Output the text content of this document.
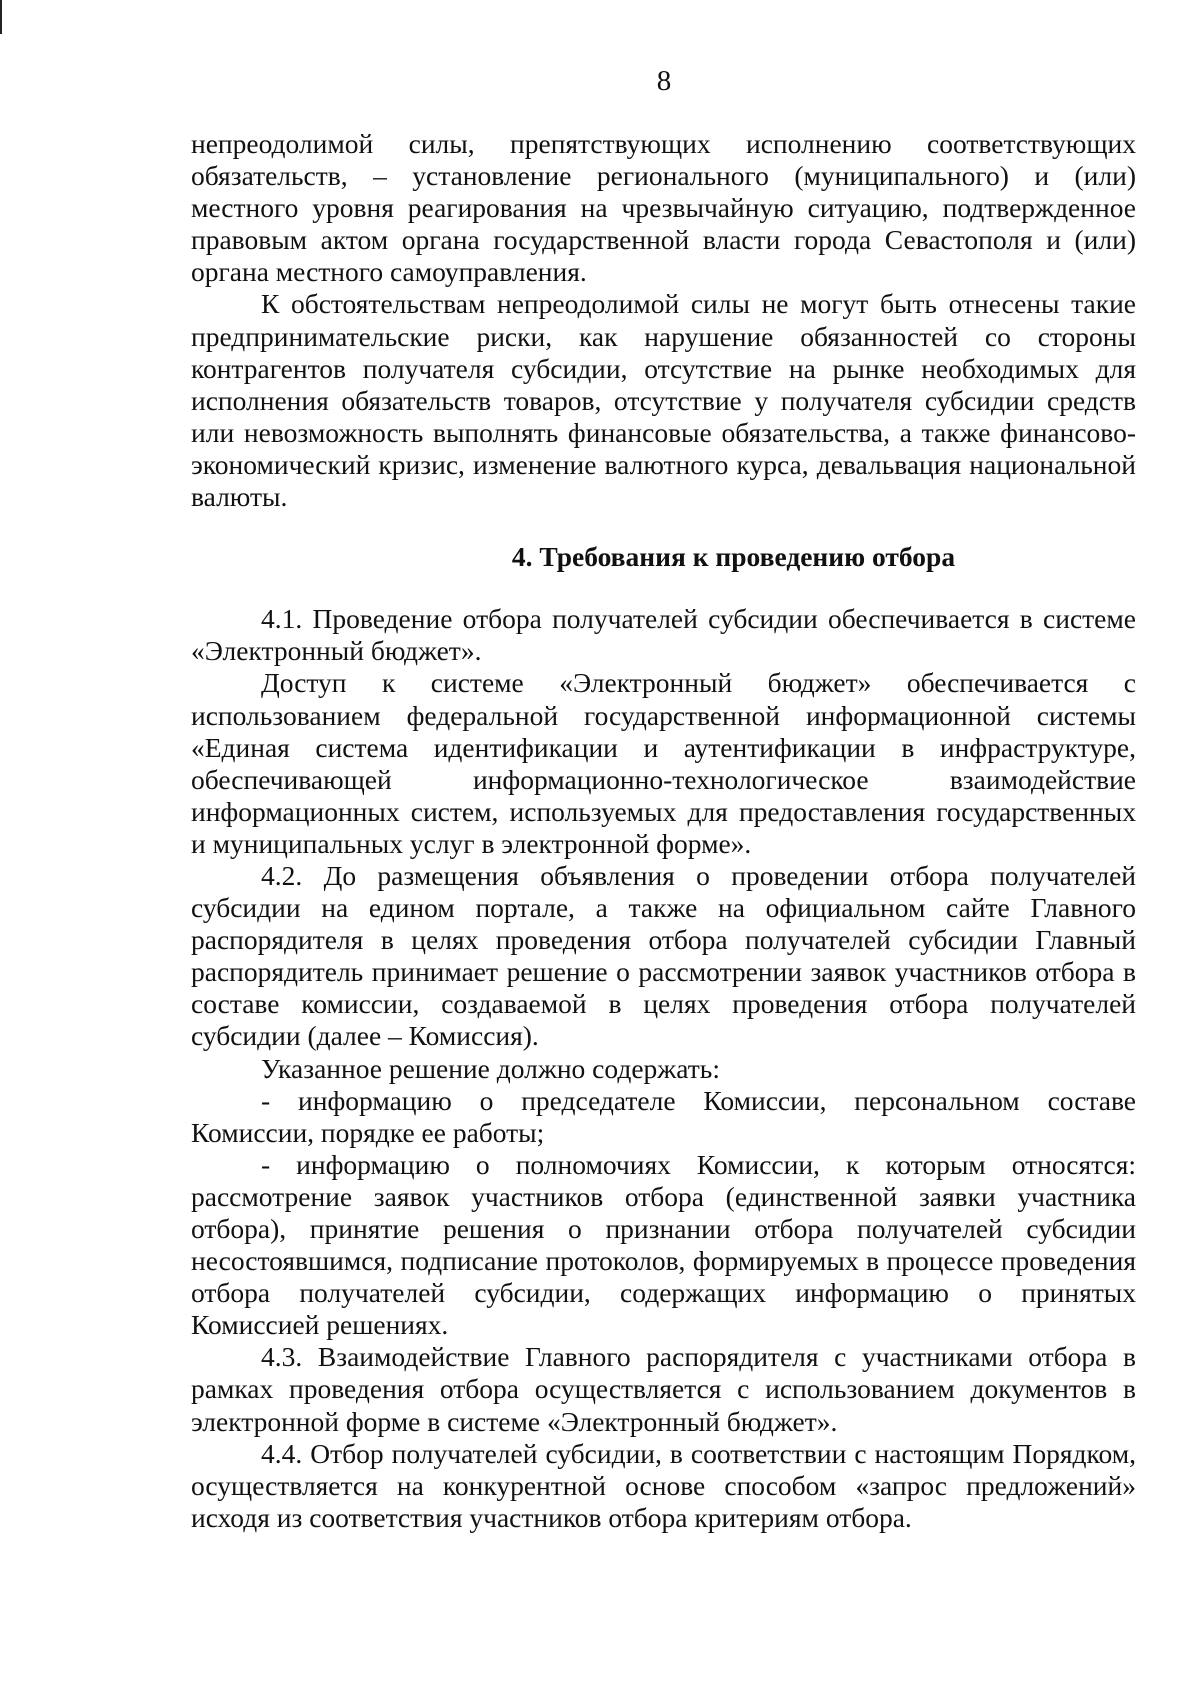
8

непреодолимой силы, препятствующих исполнению соответствующих обязательств, – установление регионального (муниципального) и (или) местного уровня реагирования на чрезвычайную ситуацию, подтвержденное правовым актом органа государственной власти города Севастополя и (или) органа местного самоуправления.

К обстоятельствам непреодолимой силы не могут быть отнесены такие предпринимательские риски, как нарушение обязанностей со стороны контрагентов получателя субсидии, отсутствие на рынке необходимых для исполнения обязательств товаров, отсутствие у получателя субсидии средств или невозможность выполнять финансовые обязательства, а также финансово-экономический кризис, изменение валютного курса, девальвация национальной валюты.

4. Требования к проведению отбора

4.1. Проведение отбора получателей субсидии обеспечивается в системе «Электронный бюджет».

Доступ к системе «Электронный бюджет» обеспечивается с использованием федеральной государственной информационной системы «Единая система идентификации и аутентификации в инфраструктуре, обеспечивающей информационно-технологическое взаимодействие информационных систем, используемых для предоставления государственных и муниципальных услуг в электронной форме».

4.2. До размещения объявления о проведении отбора получателей субсидии на едином портале, а также на официальном сайте Главного распорядителя в целях проведения отбора получателей субсидии Главный распорядитель принимает решение о рассмотрении заявок участников отбора в составе комиссии, создаваемой в целях проведения отбора получателей субсидии (далее – Комиссия).

Указанное решение должно содержать:

- информацию о председателе Комиссии, персональном составе Комиссии, порядке ее работы;

- информацию о полномочиях Комиссии, к которым относятся: рассмотрение заявок участников отбора (единственной заявки участника отбора), принятие решения о признании отбора получателей субсидии несостоявшимся, подписание протоколов, формируемых в процессе проведения отбора получателей субсидии, содержащих информацию о принятых Комиссией решениях.

4.3. Взаимодействие Главного распорядителя с участниками отбора в рамках проведения отбора осуществляется с использованием документов в электронной форме в системе «Электронный бюджет».

4.4. Отбор получателей субсидии, в соответствии с настоящим Порядком, осуществляется на конкурентной основе способом «запрос предложений» исходя из соответствия участников отбора критериям отбора.
